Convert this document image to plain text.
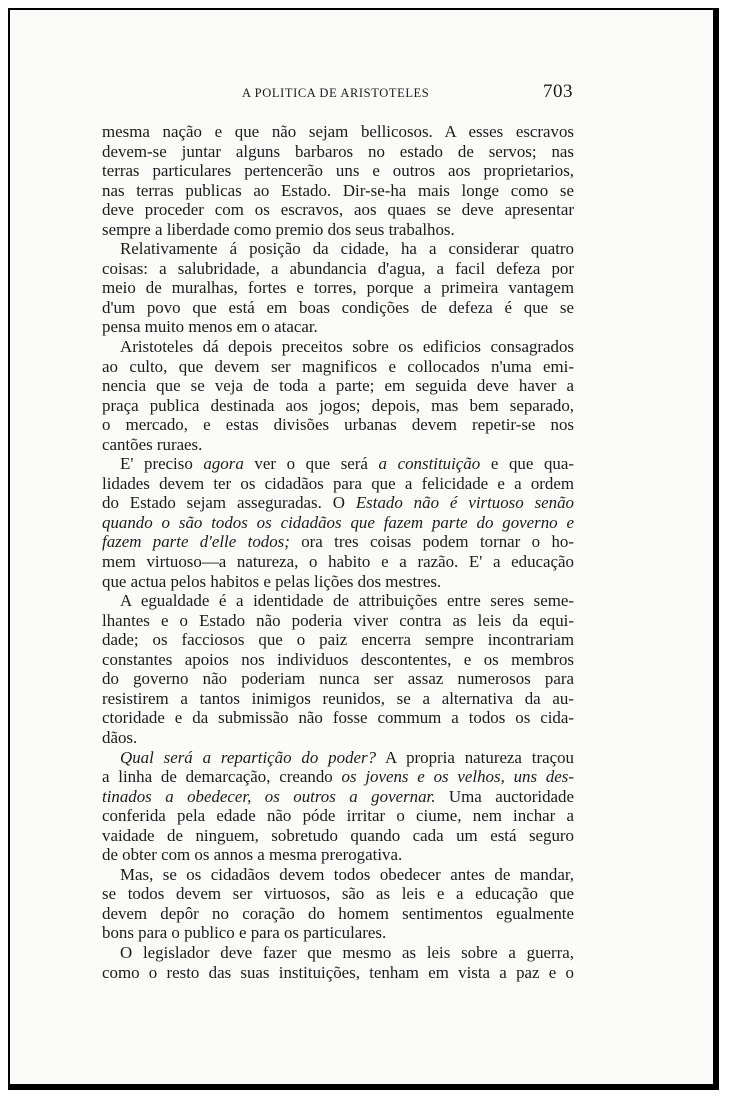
A POLITICA DE ARISTOTELES	703
mesma nação e que não sejam bellicosos. A esses escravos
devem-se juntar alguns barbaros no estado de servos; nas
terras particulares pertencerão uns e outros aos proprietarios,
nas terras publicas ao Estado. Dir-se-ha mais longe como se
deve proceder com os escravos, aos quaes se deve apresentar
sempre a liberdade como premio dos seus trabalhos.
Relativamente á posição da cidade, ha a considerar quatro
coisas: a salubridade, a abundancia d'agua, a facil defeza por
meio de muralhas, fortes e torres, porque a primeira vantagem
d'um povo que está em boas condições de defeza é que se
pensa muito menos em o atacar.
Aristoteles dá depois preceitos sobre os edificios consagrados
ao culto, que devem ser magnificos e collocados n'uma emi-
nencia que se veja de toda a parte; em seguida deve haver a
praça publica destinada aos jogos; depois, mas bem separado,
o mercado, e estas divisões urbanas devem repetir-se nos
cantões ruraes.
E' preciso agora ver o que será a constituição e que qua-
lidades devem ter os cidadãos para que a felicidade e a ordem
do Estado sejam asseguradas. O Estado não é virtuoso senão
quando o são todos os cidadãos que fazem parte do governo e
fazem parte d'elle todos; ora tres coisas podem tornar o ho-
mem virtuoso—a natureza, o habito e a razão. E' a educação
que actua pelos habitos e pelas lições dos mestres.
A egualdade é a identidade de attribuições entre seres seme-
lhantes e o Estado não poderia viver contra as leis da equi-
dade; os facciosos que o paiz encerra sempre incontrariam
constantes apoios nos individuos descontentes, e os membros
do governo não poderiam nunca ser assaz numerosos para
resistirem a tantos inimigos reunidos, se a alternativa da au-
ctoridade e da submissão não fosse commum a todos os cida-
dãos.
Qual será a repartição do poder? A propria natureza traçou
a linha de demarcação, creando os jovens e os velhos, uns des-
tinados a obedecer, os outros a governar. Uma auctoridade
conferida pela edade não póde irritar o ciume, nem inchar a
vaidade de ninguem, sobretudo quando cada um está seguro
de obter com os annos a mesma prerogativa.
Mas, se os cidadãos devem todos obedecer antes de mandar,
se todos devem ser virtuosos, são as leis e a educação que
devem depôr no coração do homem sentimentos egualmente
bons para o publico e para os particulares.
O legislador deve fazer que mesmo as leis sobre a guerra,
como o resto das suas instituições, tenham em vista a paz e o
